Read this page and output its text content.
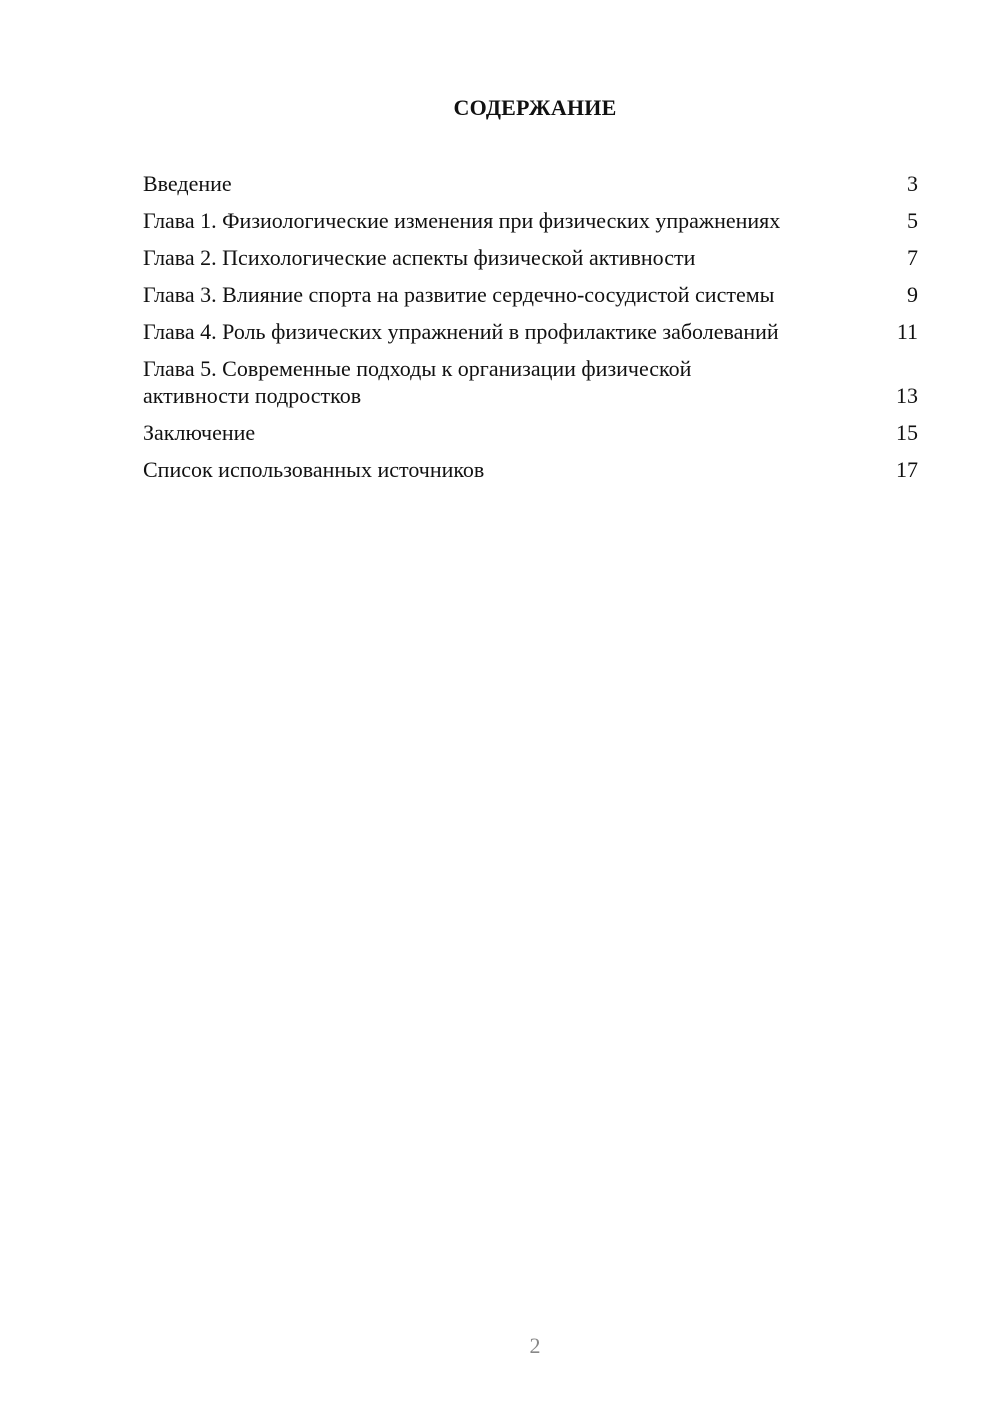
СОДЕРЖАНИЕ
Введение	3
Глава 1. Физиологические изменения при физических упражнениях	5
Глава 2. Психологические аспекты физической активности	7
Глава 3. Влияние спорта на развитие сердечно-сосудистой системы	9
Глава 4. Роль физических упражнений в профилактике заболеваний	11
Глава 5. Современные подходы к организации физической активности подростков	13
Заключение	15
Список использованных источников	17
2
